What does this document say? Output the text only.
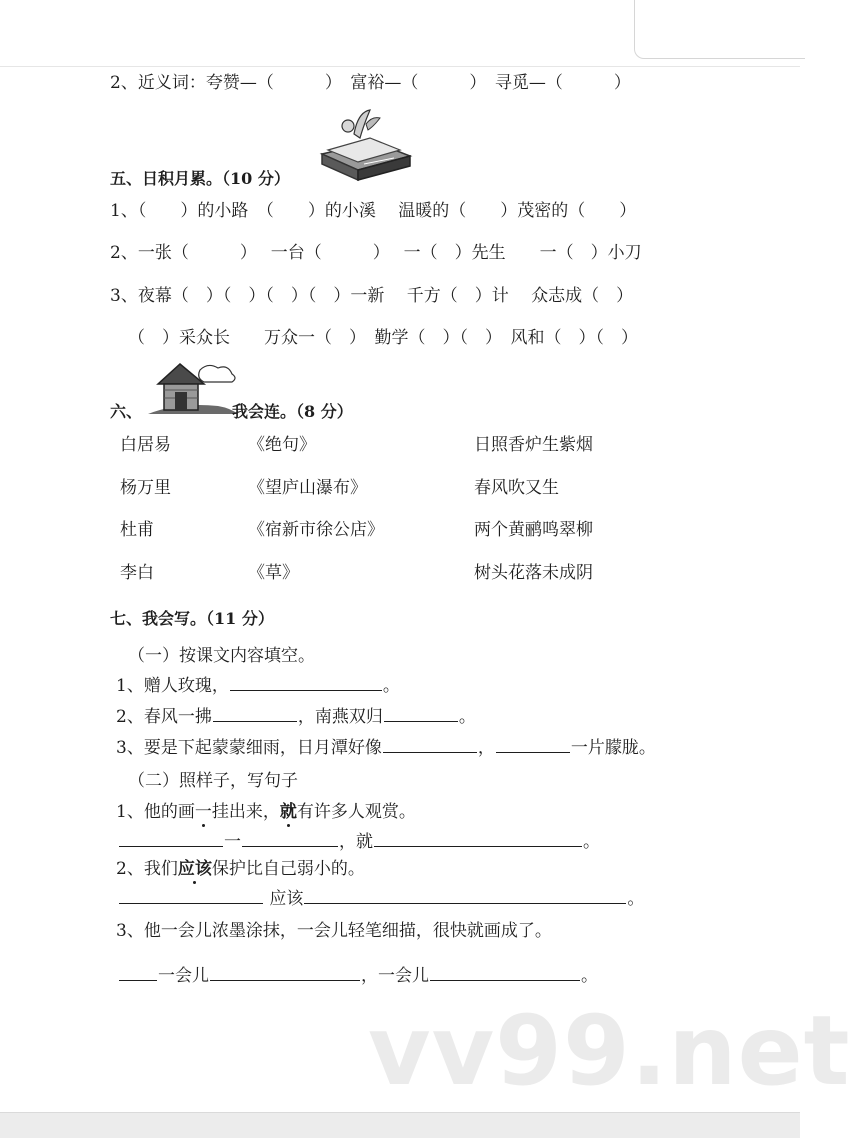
2、近义词：夸赞—（　　　）　富裕—（　　　）　寻觅—（　　　）
五、日积月累。（10 分）
1、（　　）的小路　（　　）的小溪　 温暖的（　　）茂密的（　　）
2、一张（　　　）　 一台（　　　）　 一（　）先生　　一（　）小刀
3、夜幕（　）（　）（　）（　）一新　 千方（　）计　 众志成（　）
（　）采众长　　万众一（　）　勤学（　）（　）　风和（　）（　）
六、	我会连。（8 分）
白居易	《绝句》	日照香炉生紫烟
杨万里	《望庐山瀑布》	春风吹又生
杜甫	《宿新市徐公店》	两个黄鹂鸣翠柳
李白	《草》	树头花落未成阴
七、我会写。（11 分）
（一）按课文内容填空。
1、赠人玫瑰，	。
2、春风一拂	，南燕双归	。
3、要是下起蒙蒙细雨，日月潭好像	，	一片朦胧。
（二）照样子，写句子
1、他的画一挂出来，就有许多人观赏。
一	，就	。
2、我们应该保护比自己弱小的。
应该	。
3、他一会儿浓墨涂抹，一会儿轻笔细描，很快就画成了。
一会儿	，一会儿	。
vv99.net
